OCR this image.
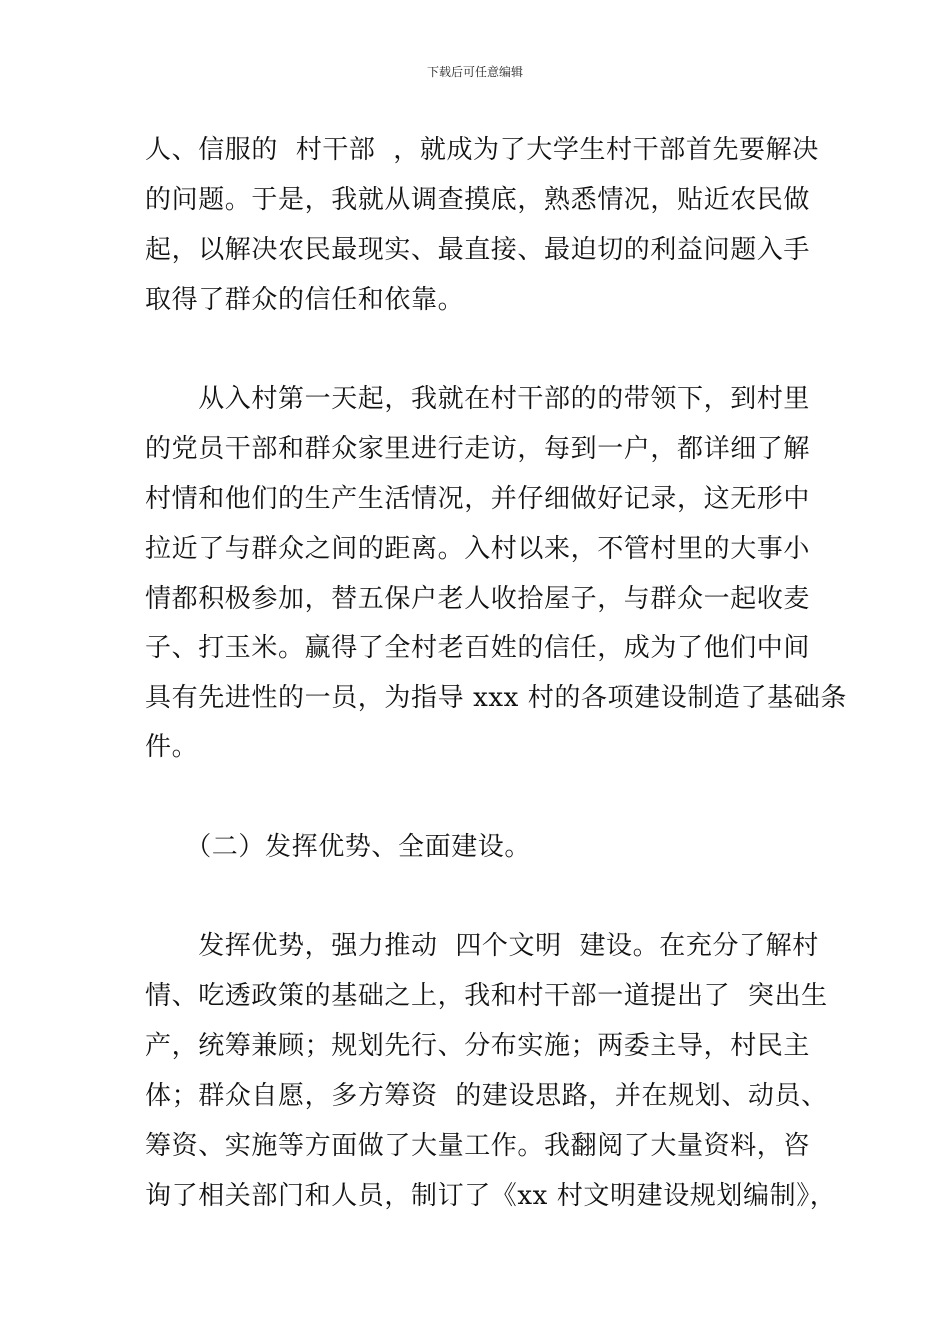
下载后可任意编辑
人、信服的  村干部  ，就成为了大学生村干部首先要解决
的问题。于是，我就从调查摸底，熟悉情况，贴近农民做
起，以解决农民最现实、最直接、最迫切的利益问题入手
取得了群众的信任和依靠。
　　从入村第一天起，我就在村干部的的带领下，到村里
的党员干部和群众家里进行走访，每到一户，都详细了解
村情和他们的生产生活情况，并仔细做好记录，这无形中
拉近了与群众之间的距离。入村以来，不管村里的大事小
情都积极参加，替五保户老人收拾屋子，与群众一起收麦
子、打玉米。赢得了全村老百姓的信任，成为了他们中间
具有先进性的一员，为指导 xxx 村的各项建设制造了基础条
件。
　　（二）发挥优势、全面建设。
　　发挥优势，强力推动  四个文明  建设。在充分了解村
情、吃透政策的基础之上，我和村干部一道提出了  突出生
产，统筹兼顾；规划先行、分布实施；两委主导，村民主
体；群众自愿，多方筹资  的建设思路，并在规划、动员、
筹资、实施等方面做了大量工作。我翻阅了大量资料，咨
询了相关部门和人员，制订了《xx 村文明建设规划编制》，
